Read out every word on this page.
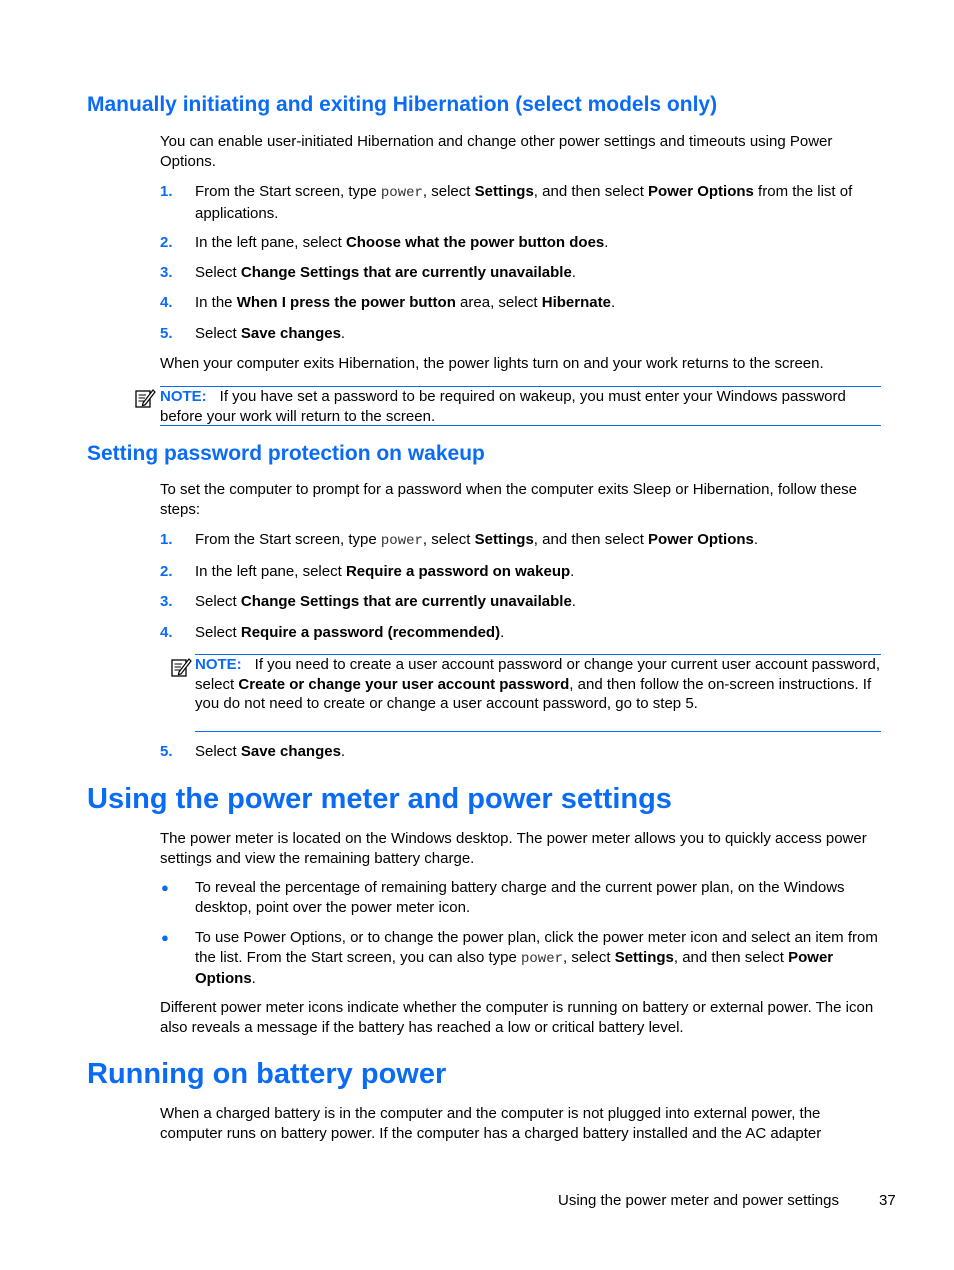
Manually initiating and exiting Hibernation (select models only)

You can enable user-initiated Hibernation and change other power settings and timeouts using Power Options.

1.	From the Start screen, type power, select Settings, and then select Power Options from the list of applications.
2.	In the left pane, select Choose what the power button does.
3.	Select Change Settings that are currently unavailable.
4.	In the When I press the power button area, select Hibernate.
5.	Select Save changes.

When your computer exits Hibernation, the power lights turn on and your work returns to the screen.

NOTE: If you have set a password to be required on wakeup, you must enter your Windows password before your work will return to the screen.
Setting password protection on wakeup

To set the computer to prompt for a password when the computer exits Sleep or Hibernation, follow these steps:

1.	From the Start screen, type power, select Settings, and then select Power Options.
2.	In the left pane, select Require a password on wakeup.
3.	Select Change Settings that are currently unavailable.
4.	Select Require a password (recommended).
NOTE: If you need to create a user account password or change your current user account password, select Create or change your user account password, and then follow the on-screen instructions. If you do not need to create or change a user account password, go to step 5.
5.	Select Save changes.
Using the power meter and power settings

The power meter is located on the Windows desktop. The power meter allows you to quickly access power settings and view the remaining battery charge.

● To reveal the percentage of remaining battery charge and the current power plan, on the Windows desktop, point over the power meter icon.
● To use Power Options, or to change the power plan, click the power meter icon and select an item from the list. From the Start screen, you can also type power, select Settings, and then select Power Options.

Different power meter icons indicate whether the computer is running on battery or external power. The icon also reveals a message if the battery has reached a low or critical battery level.

Running on battery power

When a charged battery is in the computer and the computer is not plugged into external power, the computer runs on battery power. If the computer has a charged battery installed and the AC adapter

Using the power meter and power settings	37
